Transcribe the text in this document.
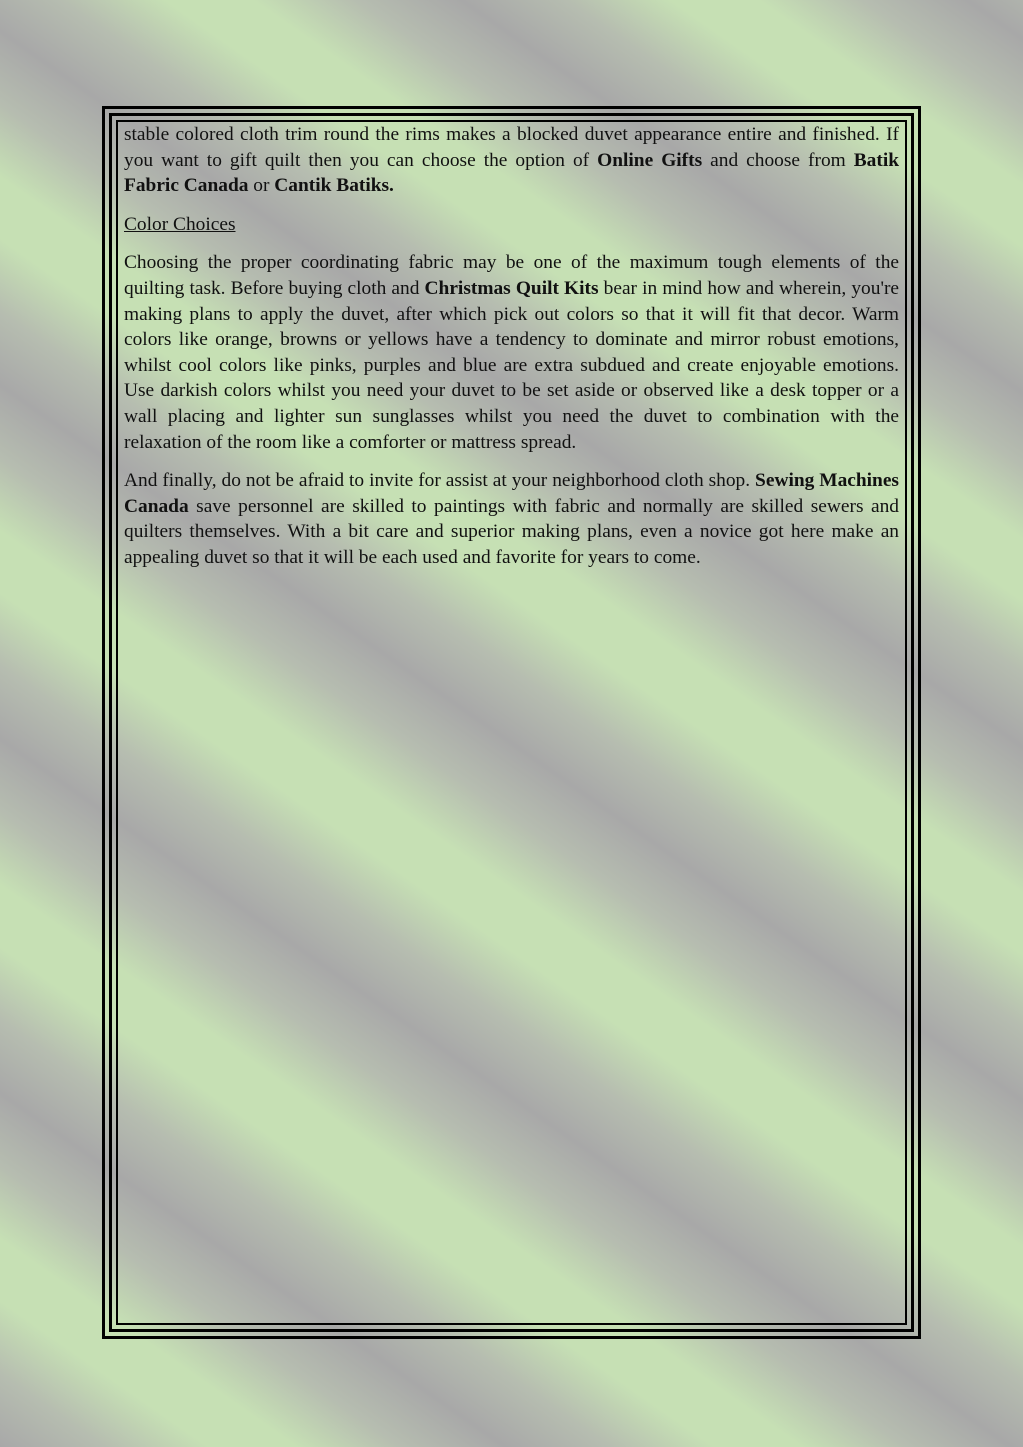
stable colored cloth trim round the rims makes a blocked duvet appearance entire and finished. If you want to gift quilt then you can choose the option of Online Gifts and choose from Batik Fabric Canada or Cantik Batiks.

Color Choices

Choosing the proper coordinating fabric may be one of the maximum tough elements of the quilting task. Before buying cloth and Christmas Quilt Kits bear in mind how and wherein, you're making plans to apply the duvet, after which pick out colors so that it will fit that decor. Warm colors like orange, browns or yellows have a tendency to dominate and mirror robust emotions, whilst cool colors like pinks, purples and blue are extra subdued and create enjoyable emotions. Use darkish colors whilst you need your duvet to be set aside or observed like a desk topper or a wall placing and lighter sun sunglasses whilst you need the duvet to combination with the relaxation of the room like a comforter or mattress spread.

And finally, do not be afraid to invite for assist at your neighborhood cloth shop. Sewing Machines Canada save personnel are skilled to paintings with fabric and normally are skilled sewers and quilters themselves. With a bit care and superior making plans, even a novice got here make an appealing duvet so that it will be each used and favorite for years to come.
